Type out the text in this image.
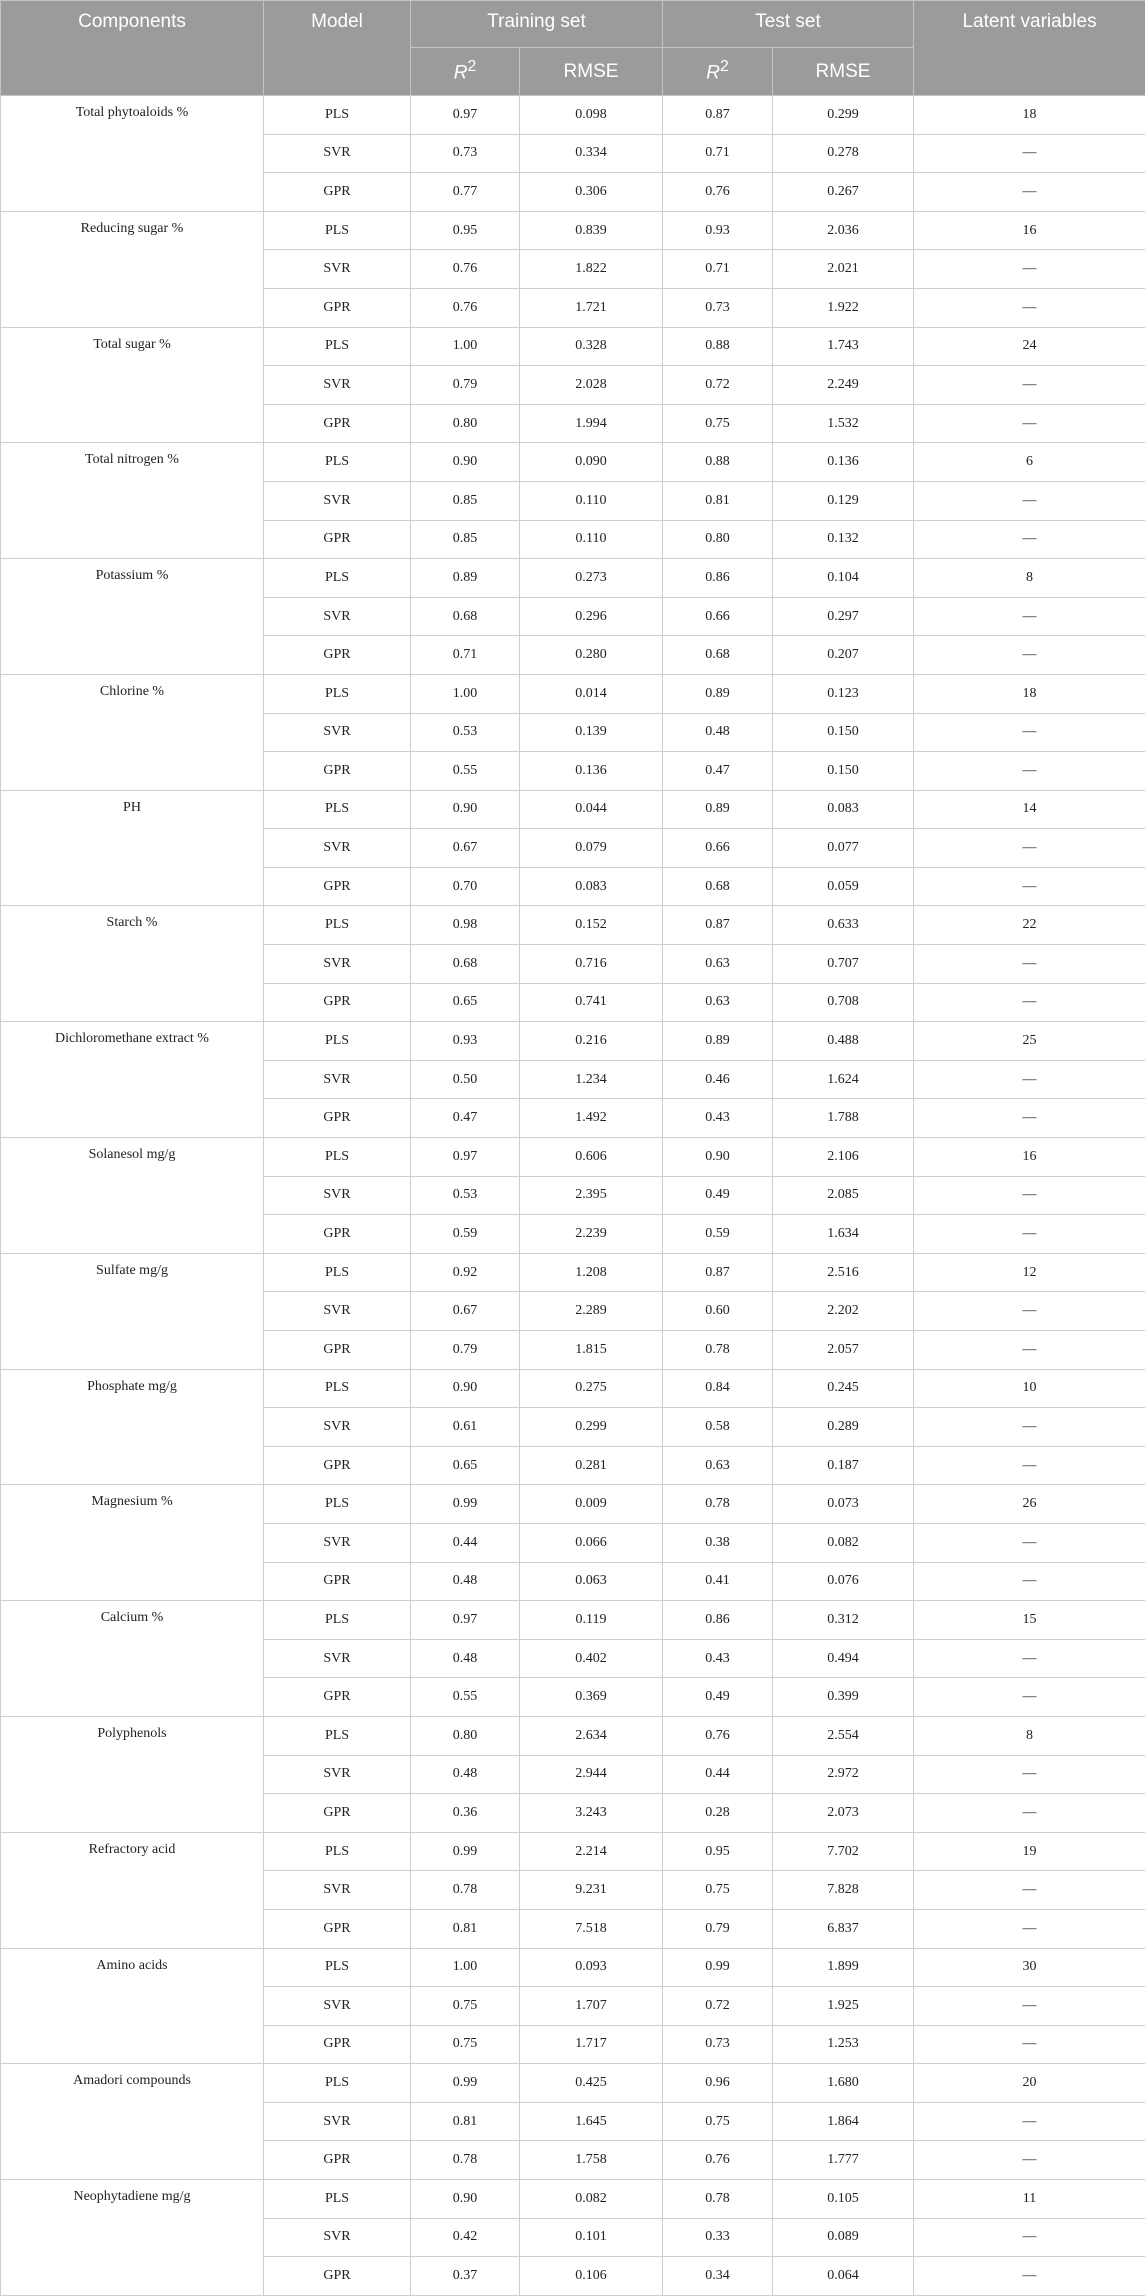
Components	Model	Training set		Test set		Latent variables
		$R^2$	RMSE	$R^2$	RMSE	
Total phytoaloids %	PLS	0.97	0.098	0.87	0.299	18
	SVR	0.73	0.334	0.71	0.278	—
	GPR	0.77	0.306	0.76	0.267	—
Reducing sugar %	PLS	0.95	0.839	0.93	2.036	16
	SVR	0.76	1.822	0.71	2.021	—
	GPR	0.76	1.721	0.73	1.922	—
Total sugar %	PLS	1.00	0.328	0.88	1.743	24
	SVR	0.79	2.028	0.72	2.249	—
	GPR	0.80	1.994	0.75	1.532	—
Total nitrogen %	PLS	0.90	0.090	0.88	0.136	6
	SVR	0.85	0.110	0.81	0.129	—
	GPR	0.85	0.110	0.80	0.132	—
Potassium %	PLS	0.89	0.273	0.86	0.104	8
	SVR	0.68	0.296	0.66	0.297	—
	GPR	0.71	0.280	0.68	0.207	—
Chlorine %	PLS	1.00	0.014	0.89	0.123	18
	SVR	0.53	0.139	0.48	0.150	—
	GPR	0.55	0.136	0.47	0.150	—
PH	PLS	0.90	0.044	0.89	0.083	14
	SVR	0.67	0.079	0.66	0.077	—
	GPR	0.70	0.083	0.68	0.059	—
Starch %	PLS	0.98	0.152	0.87	0.633	22
	SVR	0.68	0.716	0.63	0.707	—
	GPR	0.65	0.741	0.63	0.708	—
Dichloromethane extract %	PLS	0.93	0.216	0.89	0.488	25
	SVR	0.50	1.234	0.46	1.624	—
	GPR	0.47	1.492	0.43	1.788	—
Solanesol mg/g	PLS	0.97	0.606	0.90	2.106	16
	SVR	0.53	2.395	0.49	2.085	—
	GPR	0.59	2.239	0.59	1.634	—
Sulfate mg/g	PLS	0.92	1.208	0.87	2.516	12
	SVR	0.67	2.289	0.60	2.202	—
	GPR	0.79	1.815	0.78	2.057	—
Phosphate mg/g	PLS	0.90	0.275	0.84	0.245	10
	SVR	0.61	0.299	0.58	0.289	—
	GPR	0.65	0.281	0.63	0.187	—
Magnesium %	PLS	0.99	0.009	0.78	0.073	26
	SVR	0.44	0.066	0.38	0.082	—
	GPR	0.48	0.063	0.41	0.076	—
Calcium %	PLS	0.97	0.119	0.86	0.312	15
	SVR	0.48	0.402	0.43	0.494	—
	GPR	0.55	0.369	0.49	0.399	—
Polyphenols	PLS	0.80	2.634	0.76	2.554	8
	SVR	0.48	2.944	0.44	2.972	—
	GPR	0.36	3.243	0.28	2.073	—
Refractory acid	PLS	0.99	2.214	0.95	7.702	19
	SVR	0.78	9.231	0.75	7.828	—
	GPR	0.81	7.518	0.79	6.837	—
Amino acids	PLS	1.00	0.093	0.99	1.899	30
	SVR	0.75	1.707	0.72	1.925	—
	GPR	0.75	1.717	0.73	1.253	—
Amadori compounds	PLS	0.99	0.425	0.96	1.680	20
	SVR	0.81	1.645	0.75	1.864	—
	GPR	0.78	1.758	0.76	1.777	—
Neophytadiene mg/g	PLS	0.90	0.082	0.78	0.105	11
	SVR	0.42	0.101	0.33	0.089	—
	GPR	0.37	0.106	0.34	0.064	—
